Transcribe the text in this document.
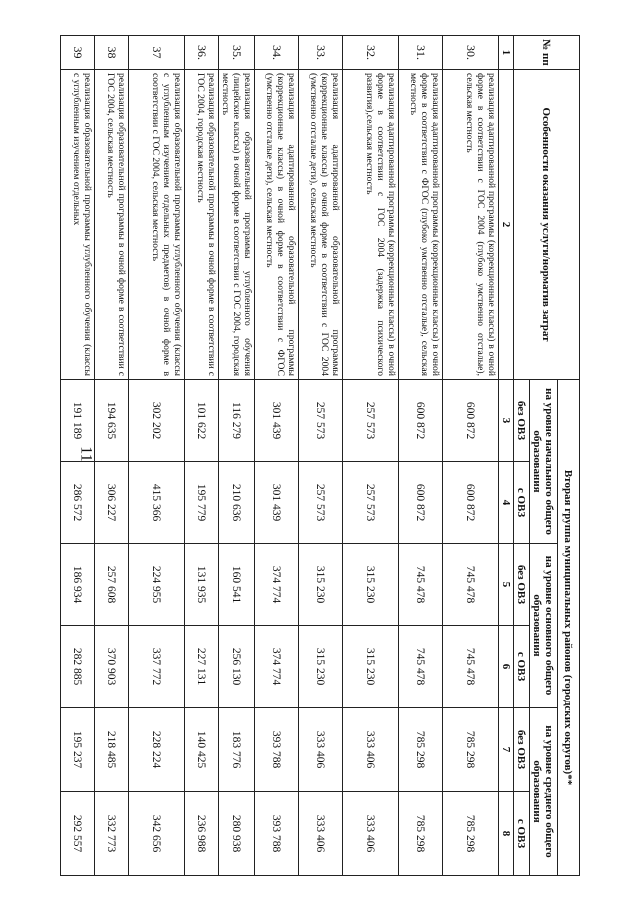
11
№ пп	Особенности оказания услуги/норматив затрат	Вторая группа муниципальных районов (городских округов)**					
		на уровне начального общего образования		на уровне основного общего образования		на уровне среднего общего образования	
		без ОВЗ	с ОВЗ	без ОВЗ	с ОВЗ	без ОВЗ	с ОВЗ
1	2	3	4	5	6	7	8
30.	реализация адаптированной программы (коррекционные классы) в очной форме в соответствии с ГОС 2004 (глубоко умственно отсталые), сельская местность	600 872	600 872	745 478	745 478	785 298	785 298
31.	реализация адаптированной программы (коррекционные классы) в очной форме в соответствии с ФГОС (глубоко умственно отсталые), сельская местность	600 872	600 872	745 478	745 478	785 298	785 298
32.	реализация адаптированной программы (коррекционные классы) в очной форме в соответствии с ГОС 2004 (задержка психического развития),сельская местность	257 573	257 573	315 230	315 230	333 406	333 406
33.	реализация адаптированной образовательной программы (коррекционные классы) в очной форме в соответствии с ГОС 2004 (умственно отсталые дети), сельская местность	257 573	257 573	315 230	315 230	333 406	333 406
34.	реализация адаптированной образовательной программы (коррекционные классы) в очной форме в соответствии с ФГОС (умственно отсталые дети), сельская местность	301 439	301 439	374 774	374 774	393 788	393 788
35.	реализация образовательной программы углубленного обучения (лицейские классы) в очной форме в соответствии с ГОС 2004, городская местность	116 279	210 636	160 541	256 130	183 776	280 938
36.	реализация образовательной программы в очной форме в соответствии с ГОС 2004, городская местность	101 622	195 779	131 935	227 131	140 425	236 988
37	реализация образовательной программы углубленного обучения (классы с углубленным изучением отдельных предметов) в очной форме в соответствии с ГОС 2004, сельская местность	302 202	415 366	224 955	337 772	228 224	342 656
38	реализация образовательной программы в очной форме в соответствии с ГОС 2004, сельская местность	194 635	306 227	257 608	370 903	218 485	332 773
39	реализация образовательной программы углубленного обучения (классы с углубленным изучением отдельных	191 189	286 572	186 934	282 885	195 237	292 557
